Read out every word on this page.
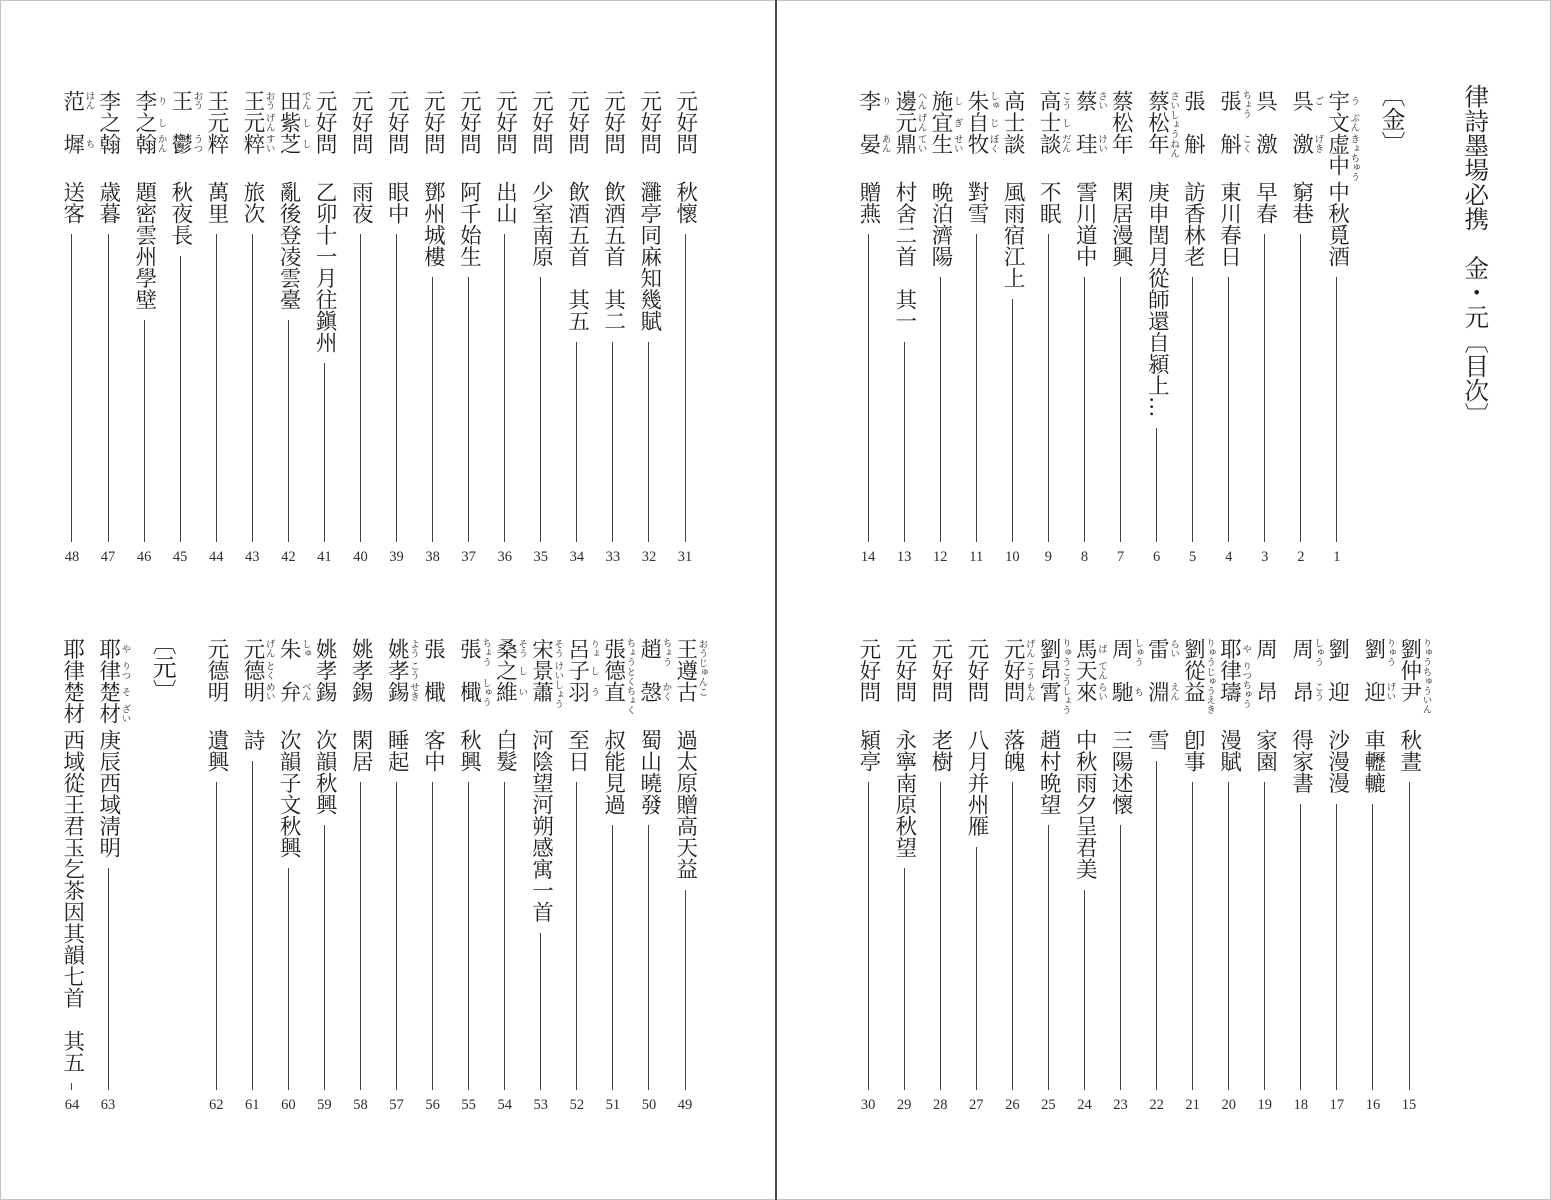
元好問
秋懷
31
元好問
灉亭同麻知幾賦
32
元好問
飲酒五首　其二
33
元好問
飲酒五首　其五
34
元好問
少室南原
35
元好問
出山
36
元好問
阿千始生
37
元好問
鄧州城樓
38
元好問
眼中
39
元好問
雨夜
40
元好問
乙卯十一月往鎭州
41
田紫芝
でん
し
し
亂後登凌雲臺
42
王元粹
おう
げん
すい
旅次
43
王元粹
萬里
44
王　鬱
おう
うつ
秋夜長
45
李之翰
り
し
かん
題密雲州學壁
46
李之翰
歳暮
47
范　墀
はん
ち
送客
48
王遵古
おう
じゅん
こ
過太原贈高天益
49
趙　愨
ちょう
かく
蜀山曉發
50
張德直
ちょう
とく
ちょく
叔能見過
51
呂子羽
りょ
し
う
至日
52
宋景蕭
そう
けい
しょう
河陰望河朔感寓一首
53
桑之維
そう
し
い
白髮
54
張　檝
ちょう
しゅう
秋興
55
張　檝
客中
56
姚孝錫
よう
こう
せき
睡起
57
姚孝錫
閑居
58
姚孝錫
次韻秋興
59
朱　弁
しゅ
べん
次韻子文秋興
60
元德明
げん
とく
めい
詩
61
元德明
遺興
62
〔元〕
耶律楚材
や
りつ
そ
ざい
庚辰西域淸明
63
耶律楚材
西域從王君玉乞茶因其韻七首　其五
64
律詩墨場必携　金・元〔目次〕
〔金〕
宇文虚中
う
ぶん
きょ
ちゅう
中秋覓酒
1
呉　激
ご
げき
窮巷
2
呉　激
早春
3
張　斛
ちょう
こく
東川春日
4
張　斛
訪香林老
5
蔡松年
さい
しょう
ねん
庚申閏月從師還自潁上…
6
蔡松年
閑居漫興
7
蔡　珪
さい
けい
霅川道中
8
高士談
こう
し
だん
不眠
9
高士談
風雨宿江上
10
朱自牧
しゅ
じ
ぼく
對雪
11
施宜生
し
ぎ
せい
晩泊濟陽
12
邊元鼎
へん
げん
てい
村舍二首　其一
13
李　晏
り
あん
贈燕
14
劉仲尹
りゅう
ちゅう
いん
秋晝
15
劉　迎
りゅう
げい
車轣轆
16
劉　迎
沙漫漫
17
周　昂
しゅう
こう
得家書
18
周　昂
家園
19
耶律璹
や
りつ
ちゅう
漫賦
20
劉從益
りゅう
じゅう
えき
卽事
21
雷　淵
らい
えん
雪
22
周　馳
しゅう
ち
三陽述懷
23
馬天來
ば
てん
らい
中秋雨夕呈君美
24
劉昂霄
りゅう
こう
しょう
趙村晩望
25
元好問
げん
こう
もん
落魄
26
元好問
八月并州雁
27
元好問
老樹
28
元好問
永寧南原秋望
29
元好問
潁亭
30
